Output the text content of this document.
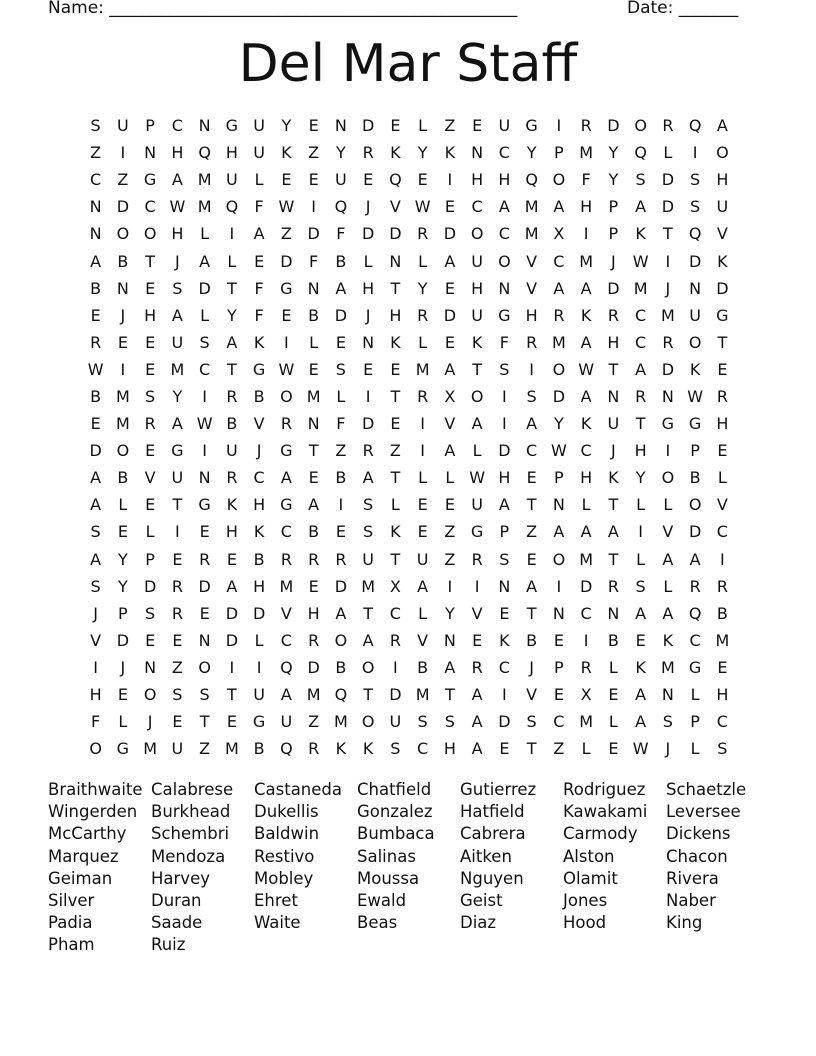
Name: ________________________________________________	Date: _______
Del Mar Staff
S	U	P	C N G U	Y	E	N D	E	L	Z	E	U G	I	R D O R Q A
Z	I	N H Q H U	K	Z	Y	R	K	Y	K	N C	Y	P M Y	Q	L	I	O
C	Z G A M U	L	E	E	U	E Q E	I	H H Q O	F	Y	S	D	S	H
N D C W M Q	F W	I	Q	J	V W E	C	A M A H	P	A D	S	U
N O O H	L	I	A	Z D	F	D D R D O C M X	I	P	K	T	Q V
A	B	T	J	A	L	E	D	F	B	L	N	L	A U O V	C M	J	W	I	D K
B N	E	S	D	T	F	G N A H	T	Y	E	H N V	A	A D M	J	N D
E	J	H A	L	Y	F	E	B D	J	H R D U G H R	K	R	C M U G
R	E	E	U	S	A	K	I	L	E	N	K	L	E	K	F	R M A H C	R O	T
W	I	E M C	T	G W E	S	E	E M A	T	S	I	O W T	A D K	E
B M S	Y	I	R	B O M L	I	T	R	X O	I	S	D A N R N W R
E M R	A W B	V	R N	F	D	E	I	V	A	I	A	Y	K	U	T	G G H
D O E	G	I	U	J	G	T	Z	R	Z	I	A	L	D C W C	J	H	I	P	E
A	B	V U N R	C	A	E	B	A	T	L	L W H	E	P	H K	Y	O B	L
A	L	E	T	G K H G A	I	S	L	E	E	U A	T	N	L	T	L	L	O V
S	E	L	I	E	H K	C	B	E	S	K	E	Z G	P	Z	A	A	A	I	V D C
A	Y	P	E	R	E	B	R	R	R U	T	U Z	R	S	E O M T	L	A	A	I
S	Y	D R D A H M E	D M X	A	I	I	N A	I	D R	S	L	R	R
J	P	S	R	E	D D V H A	T	C	L	Y	V	E	T	N C N A	A Q B
V D	E	E	N D	L	C	R O A	R	V N	E	K	B	E	I	B	E	K	C M
I	J	N Z O	I	I	Q D B O	I	B	A	R	C	J	P	R	L	K M G E
H	E O S	S	T	U A M Q	T	D M T	A	I	V	E	X	E	A N	L	H
F	L	J	E	T	E	G U Z M O U	S	S	A D	S	C M L	A	S	P	C
O G M U Z M B Q R	K	K	S	C H A	E	T	Z	L	E W	J	L	S
Braithwaite Calabrese	Castaneda Chatfield	Gutierrez	Rodriguez	Schaetzle
Wingerden Burkhead	Dukellis	Gonzalez	Hatfield	Kawakami	Leversee
McCarthy	Schembri	Baldwin	Bumbaca	Cabrera	Carmody	Dickens
Marquez	Mendoza	Restivo	Salinas	Aitken	Alston	Chacon
Geiman	Harvey	Mobley	Moussa	Nguyen	Olamit	Rivera
Silver	Duran	Ehret	Ewald	Geist	Jones	Naber
Padia	Saade	Waite	Beas	Diaz	Hood	King
Pham	Ruiz
